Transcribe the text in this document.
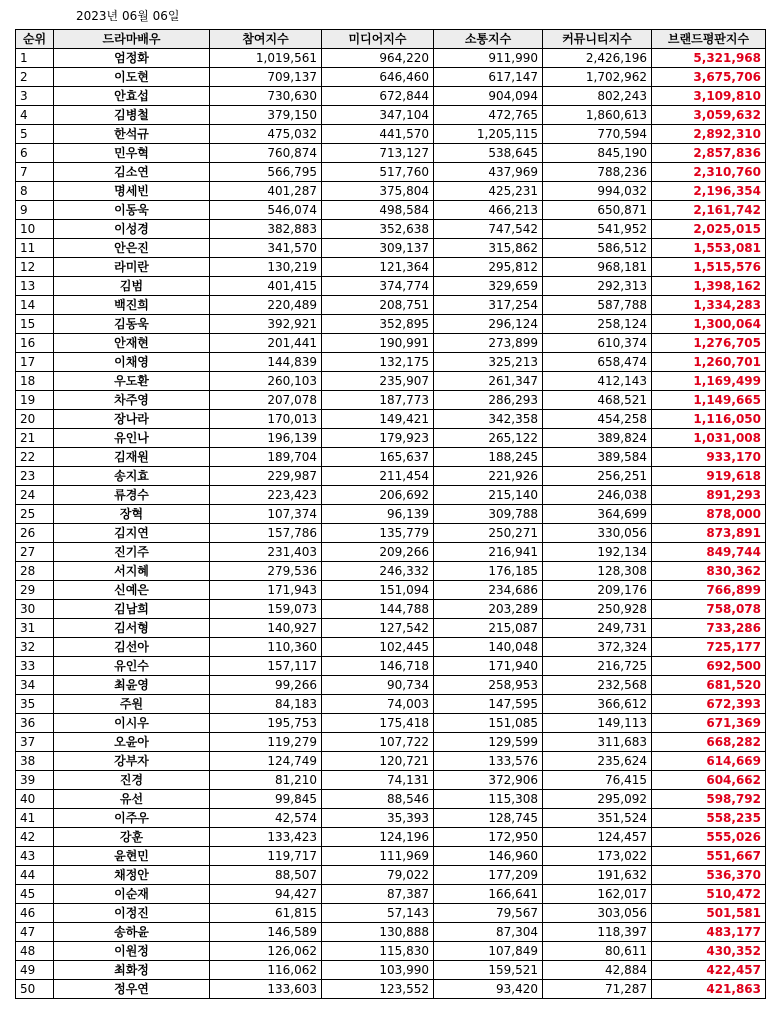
2023년 06월 06일
순위	드라마배우	참여지수	미디어지수	소통지수	커뮤니티지수	브랜드평판지수
1	엄정화	1,019,561	964,220	911,990	2,426,196	5,321,968
2	이도현	709,137	646,460	617,147	1,702,962	3,675,706
3	안효섭	730,630	672,844	904,094	802,243	3,109,810
4	김병철	379,150	347,104	472,765	1,860,613	3,059,632
5	한석규	475,032	441,570	1,205,115	770,594	2,892,310
6	민우혁	760,874	713,127	538,645	845,190	2,857,836
7	김소연	566,795	517,760	437,969	788,236	2,310,760
8	명세빈	401,287	375,804	425,231	994,032	2,196,354
9	이동욱	546,074	498,584	466,213	650,871	2,161,742
10	이성경	382,883	352,638	747,542	541,952	2,025,015
11	안은진	341,570	309,137	315,862	586,512	1,553,081
12	라미란	130,219	121,364	295,812	968,181	1,515,576
13	김범	401,415	374,774	329,659	292,313	1,398,162
14	백진희	220,489	208,751	317,254	587,788	1,334,283
15	김동욱	392,921	352,895	296,124	258,124	1,300,064
16	안재현	201,441	190,991	273,899	610,374	1,276,705
17	이채영	144,839	132,175	325,213	658,474	1,260,701
18	우도환	260,103	235,907	261,347	412,143	1,169,499
19	차주영	207,078	187,773	286,293	468,521	1,149,665
20	장나라	170,013	149,421	342,358	454,258	1,116,050
21	유인나	196,139	179,923	265,122	389,824	1,031,008
22	김재원	189,704	165,637	188,245	389,584	933,170
23	송지효	229,987	211,454	221,926	256,251	919,618
24	류경수	223,423	206,692	215,140	246,038	891,293
25	장혁	107,374	96,139	309,788	364,699	878,000
26	김지연	157,786	135,779	250,271	330,056	873,891
27	진기주	231,403	209,266	216,941	192,134	849,744
28	서지혜	279,536	246,332	176,185	128,308	830,362
29	신예은	171,943	151,094	234,686	209,176	766,899
30	김남희	159,073	144,788	203,289	250,928	758,078
31	김서형	140,927	127,542	215,087	249,731	733,286
32	김선아	110,360	102,445	140,048	372,324	725,177
33	유인수	157,117	146,718	171,940	216,725	692,500
34	최윤영	99,266	90,734	258,953	232,568	681,520
35	주원	84,183	74,003	147,595	366,612	672,393
36	이시우	195,753	175,418	151,085	149,113	671,369
37	오윤아	119,279	107,722	129,599	311,683	668,282
38	강부자	124,749	120,721	133,576	235,624	614,669
39	진경	81,210	74,131	372,906	76,415	604,662
40	유선	99,845	88,546	115,308	295,092	598,792
41	이주우	42,574	35,393	128,745	351,524	558,235
42	강훈	133,423	124,196	172,950	124,457	555,026
43	윤현민	119,717	111,969	146,960	173,022	551,667
44	채정안	88,507	79,022	177,209	191,632	536,370
45	이순재	94,427	87,387	166,641	162,017	510,472
46	이정진	61,815	57,143	79,567	303,056	501,581
47	송하윤	146,589	130,888	87,304	118,397	483,177
48	이원정	126,062	115,830	107,849	80,611	430,352
49	최화정	116,062	103,990	159,521	42,884	422,457
50	정우연	133,603	123,552	93,420	71,287	421,863
